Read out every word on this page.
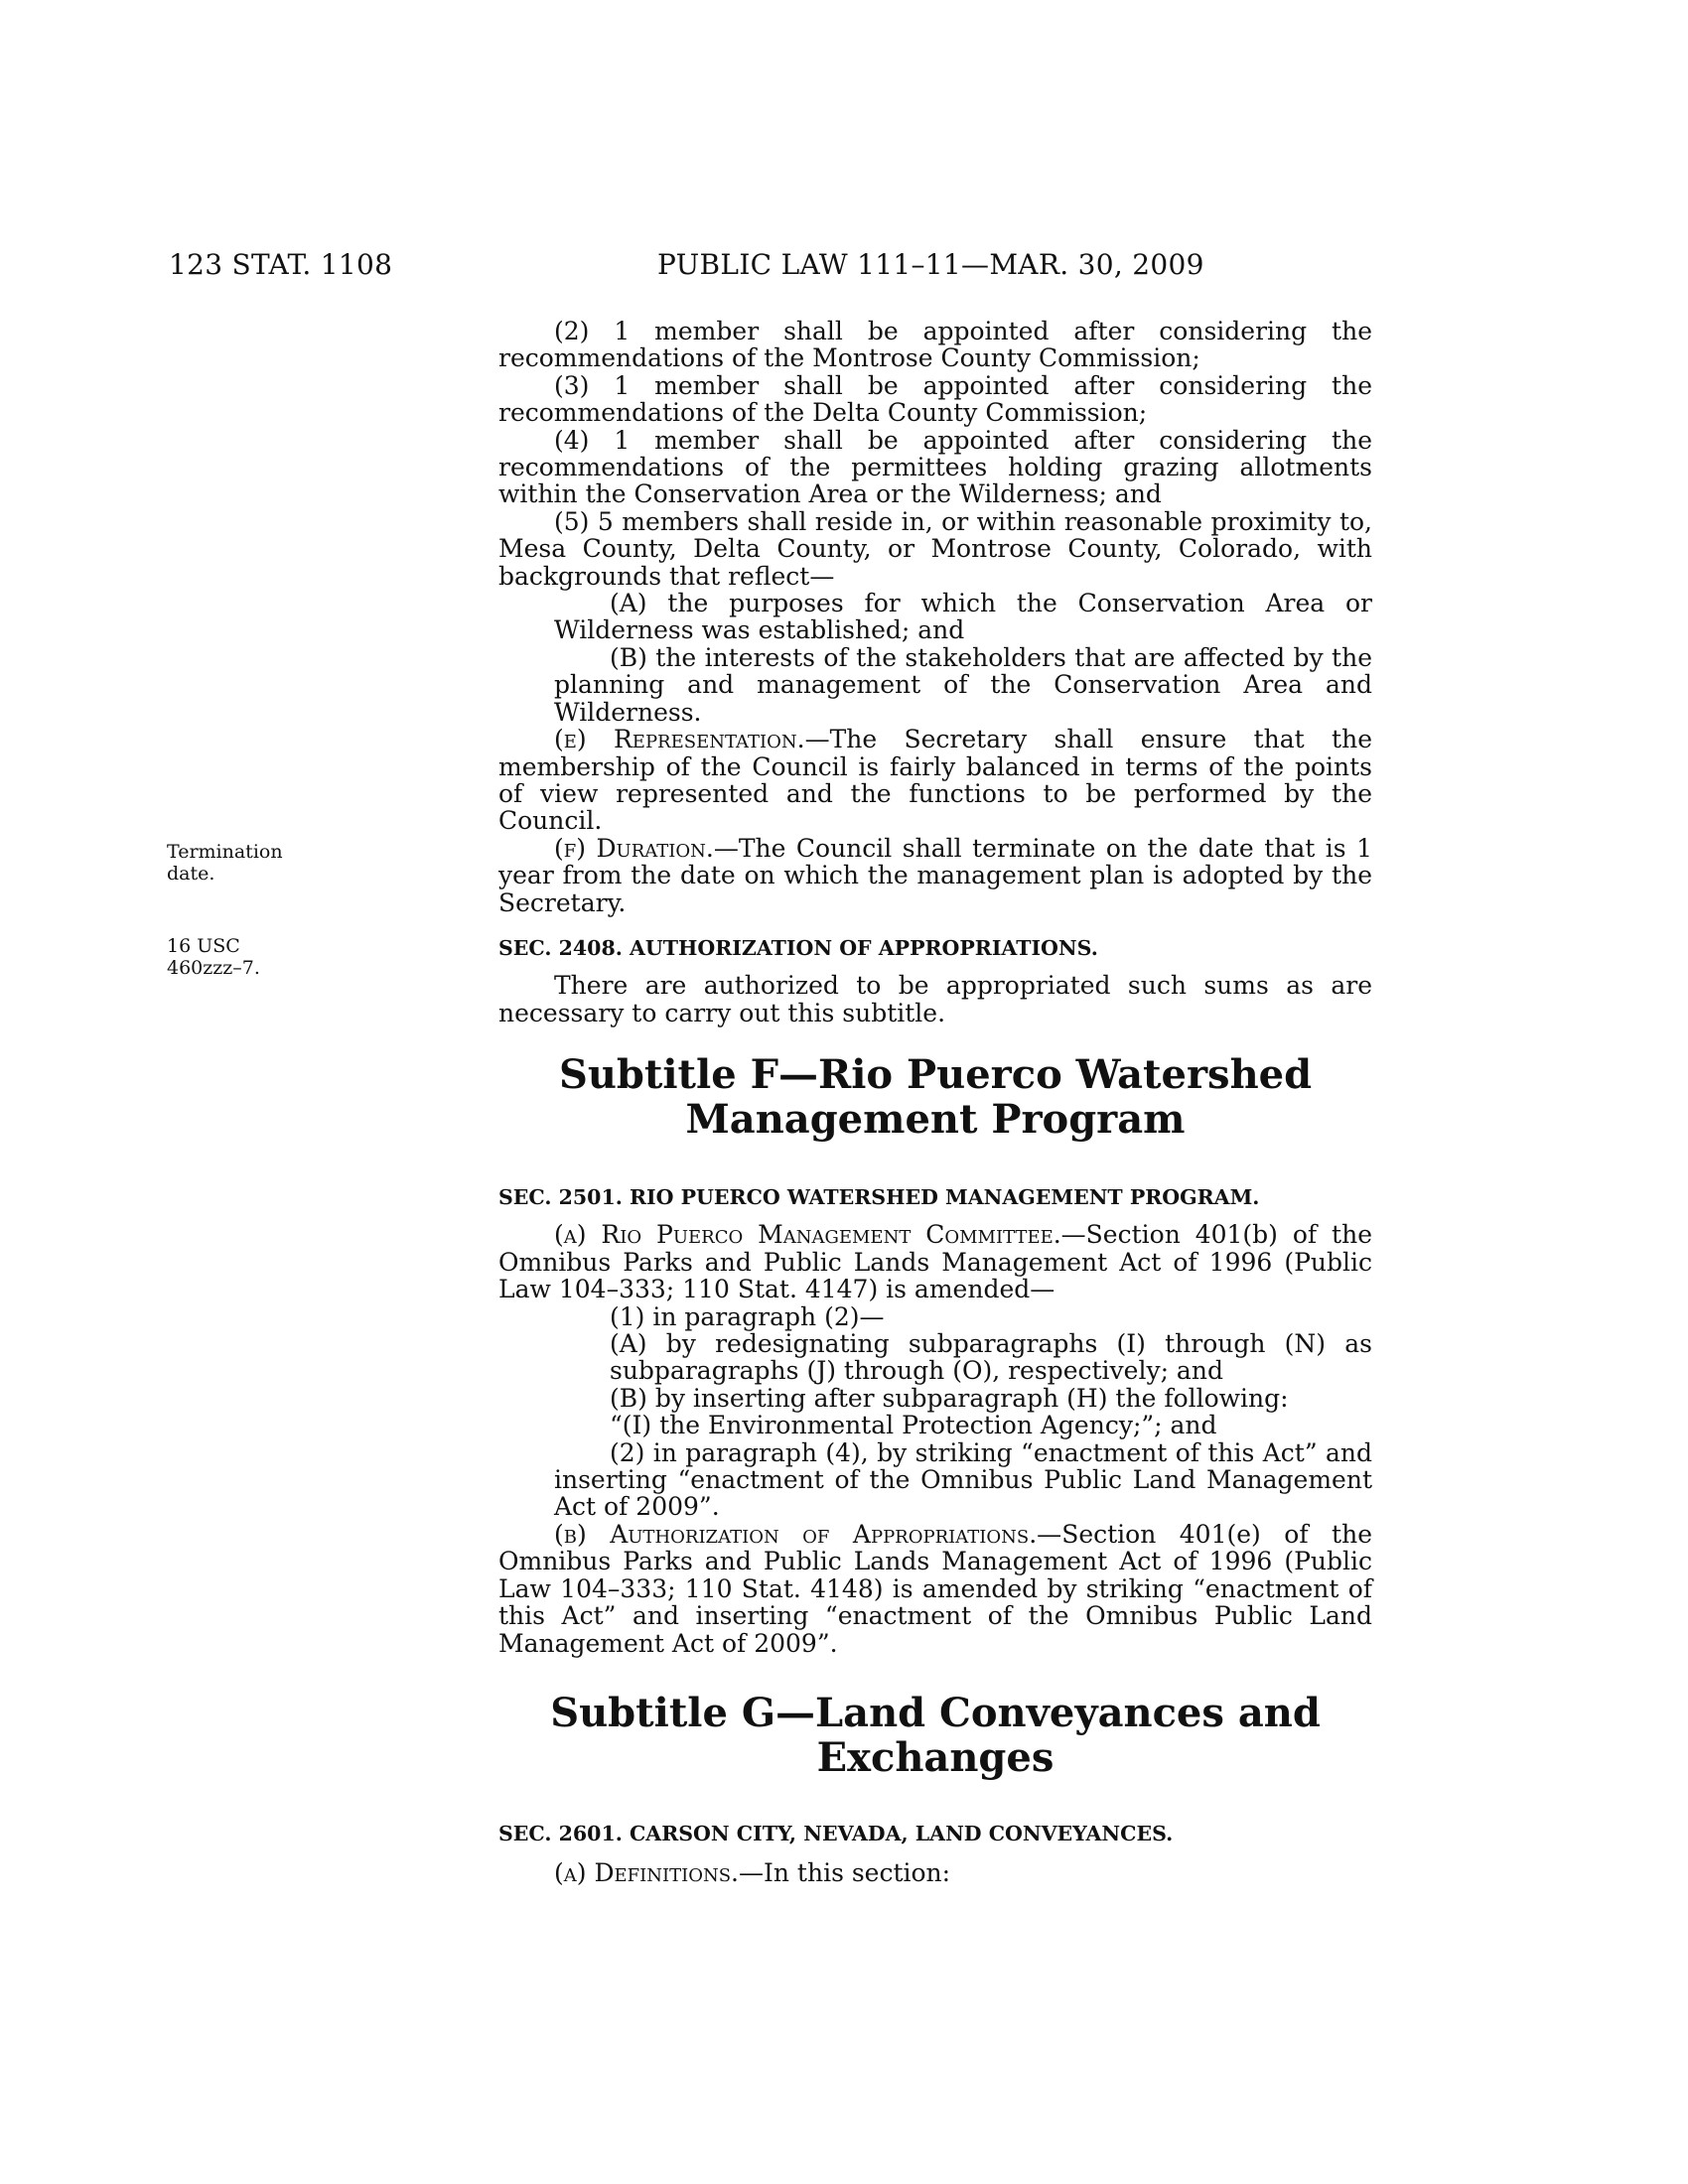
123 STAT. 1108	PUBLIC LAW 111–11—MAR. 30, 2009
Termination date.
16 USC 460zzz–7.
(2) 1 member shall be appointed after considering the recommendations of the Montrose County Commission;
(3) 1 member shall be appointed after considering the recommendations of the Delta County Commission;
(4) 1 member shall be appointed after considering the recommendations of the permittees holding grazing allotments within the Conservation Area or the Wilderness; and
(5) 5 members shall reside in, or within reasonable proximity to, Mesa County, Delta County, or Montrose County, Colorado, with backgrounds that reflect—
(A) the purposes for which the Conservation Area or Wilderness was established; and
(B) the interests of the stakeholders that are affected by the planning and management of the Conservation Area and Wilderness.
(e) Representation.—The Secretary shall ensure that the membership of the Council is fairly balanced in terms of the points of view represented and the functions to be performed by the Council.
(f) Duration.—The Council shall terminate on the date that is 1 year from the date on which the management plan is adopted by the Secretary.
SEC. 2408. AUTHORIZATION OF APPROPRIATIONS.
There are authorized to be appropriated such sums as are necessary to carry out this subtitle.
Subtitle F—Rio Puerco Watershed
Management Program
SEC. 2501. RIO PUERCO WATERSHED MANAGEMENT PROGRAM.
(a) Rio Puerco Management Committee.—Section 401(b) of the Omnibus Parks and Public Lands Management Act of 1996 (Public Law 104–333; 110 Stat. 4147) is amended—
(1) in paragraph (2)—
(A) by redesignating subparagraphs (I) through (N) as subparagraphs (J) through (O), respectively; and
(B) by inserting after subparagraph (H) the following:
“(I) the Environmental Protection Agency;”; and
(2) in paragraph (4), by striking “enactment of this Act” and inserting “enactment of the Omnibus Public Land Management Act of 2009”.
(b) Authorization of Appropriations.—Section 401(e) of the Omnibus Parks and Public Lands Management Act of 1996 (Public Law 104–333; 110 Stat. 4148) is amended by striking “enactment of this Act” and inserting “enactment of the Omnibus Public Land Management Act of 2009”.
Subtitle G—Land Conveyances and
Exchanges
SEC. 2601. CARSON CITY, NEVADA, LAND CONVEYANCES.
(a) Definitions.—In this section:
